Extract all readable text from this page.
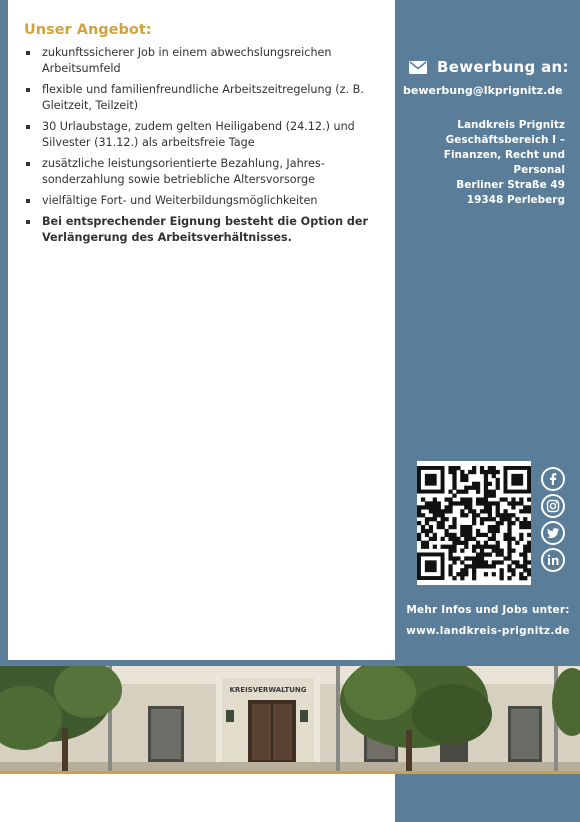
Unser Angebot:
zukunftssicherer Job in einem abwechslungsreichen Arbeitsumfeld
flexible und familienfreundliche Arbeitszeitregelung (z. B. Gleitzeit, Teilzeit)
30 Urlaubstage, zudem gelten Heiligabend (24.12.) und Silvester (31.12.) als arbeitsfreie Tage
zusätzliche leistungsorientierte Bezahlung, Jahressonderzahlung sowie betriebliche Altersvorsorge
vielfältige Fort- und Weiterbildungsmöglichkeiten
Bei entsprechender Eignung besteht die Option der Verlängerung des Arbeitsverhältnisses.
Bewerbung an:
bewerbung@lkprignitz.de
Landkreis Prignitz
Geschäftsbereich I –
Finanzen, Recht und
Personal
Berliner Straße 49
19348 Perleberg
Mehr Infos und Jobs unter:
www.landkreis-prignitz.de
KREISVERWALTUNG
